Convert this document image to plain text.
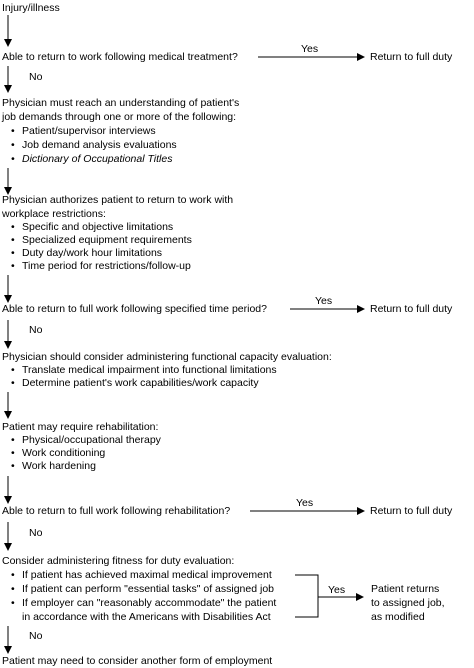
Injury/illness
Able to return to work following medical treatment?
Yes
Return to full duty
No
Physician must reach an understanding of patient's
job demands through one or more of the following:
• Patient/supervisor interviews
• Job demand analysis evaluations
• Dictionary of Occupational Titles
Physician authorizes patient to return to work with
workplace restrictions:
• Specific and objective limitations
• Specialized equipment requirements
• Duty day/work hour limitations
• Time period for restrictions/follow-up
Able to return to full work following specified time period?
Yes
Return to full duty
No
Physician should consider administering functional capacity evaluation:
• Translate medical impairment into functional limitations
• Determine patient's work capabilities/work capacity
Patient may require rehabilitation:
• Physical/occupational therapy
• Work conditioning
• Work hardening
Able to return to full work following rehabilitation?
Yes
Return to full duty
No
Consider administering fitness for duty evaluation:
• If patient has achieved maximal medical improvement
• If patient can perform "essential tasks" of assigned job
• If employer can "reasonably accommodate" the patient
in accordance with the Americans with Disabilities Act
Yes Patient returns
to assigned job,
as modified
No
Patient may need to consider another form of employment
